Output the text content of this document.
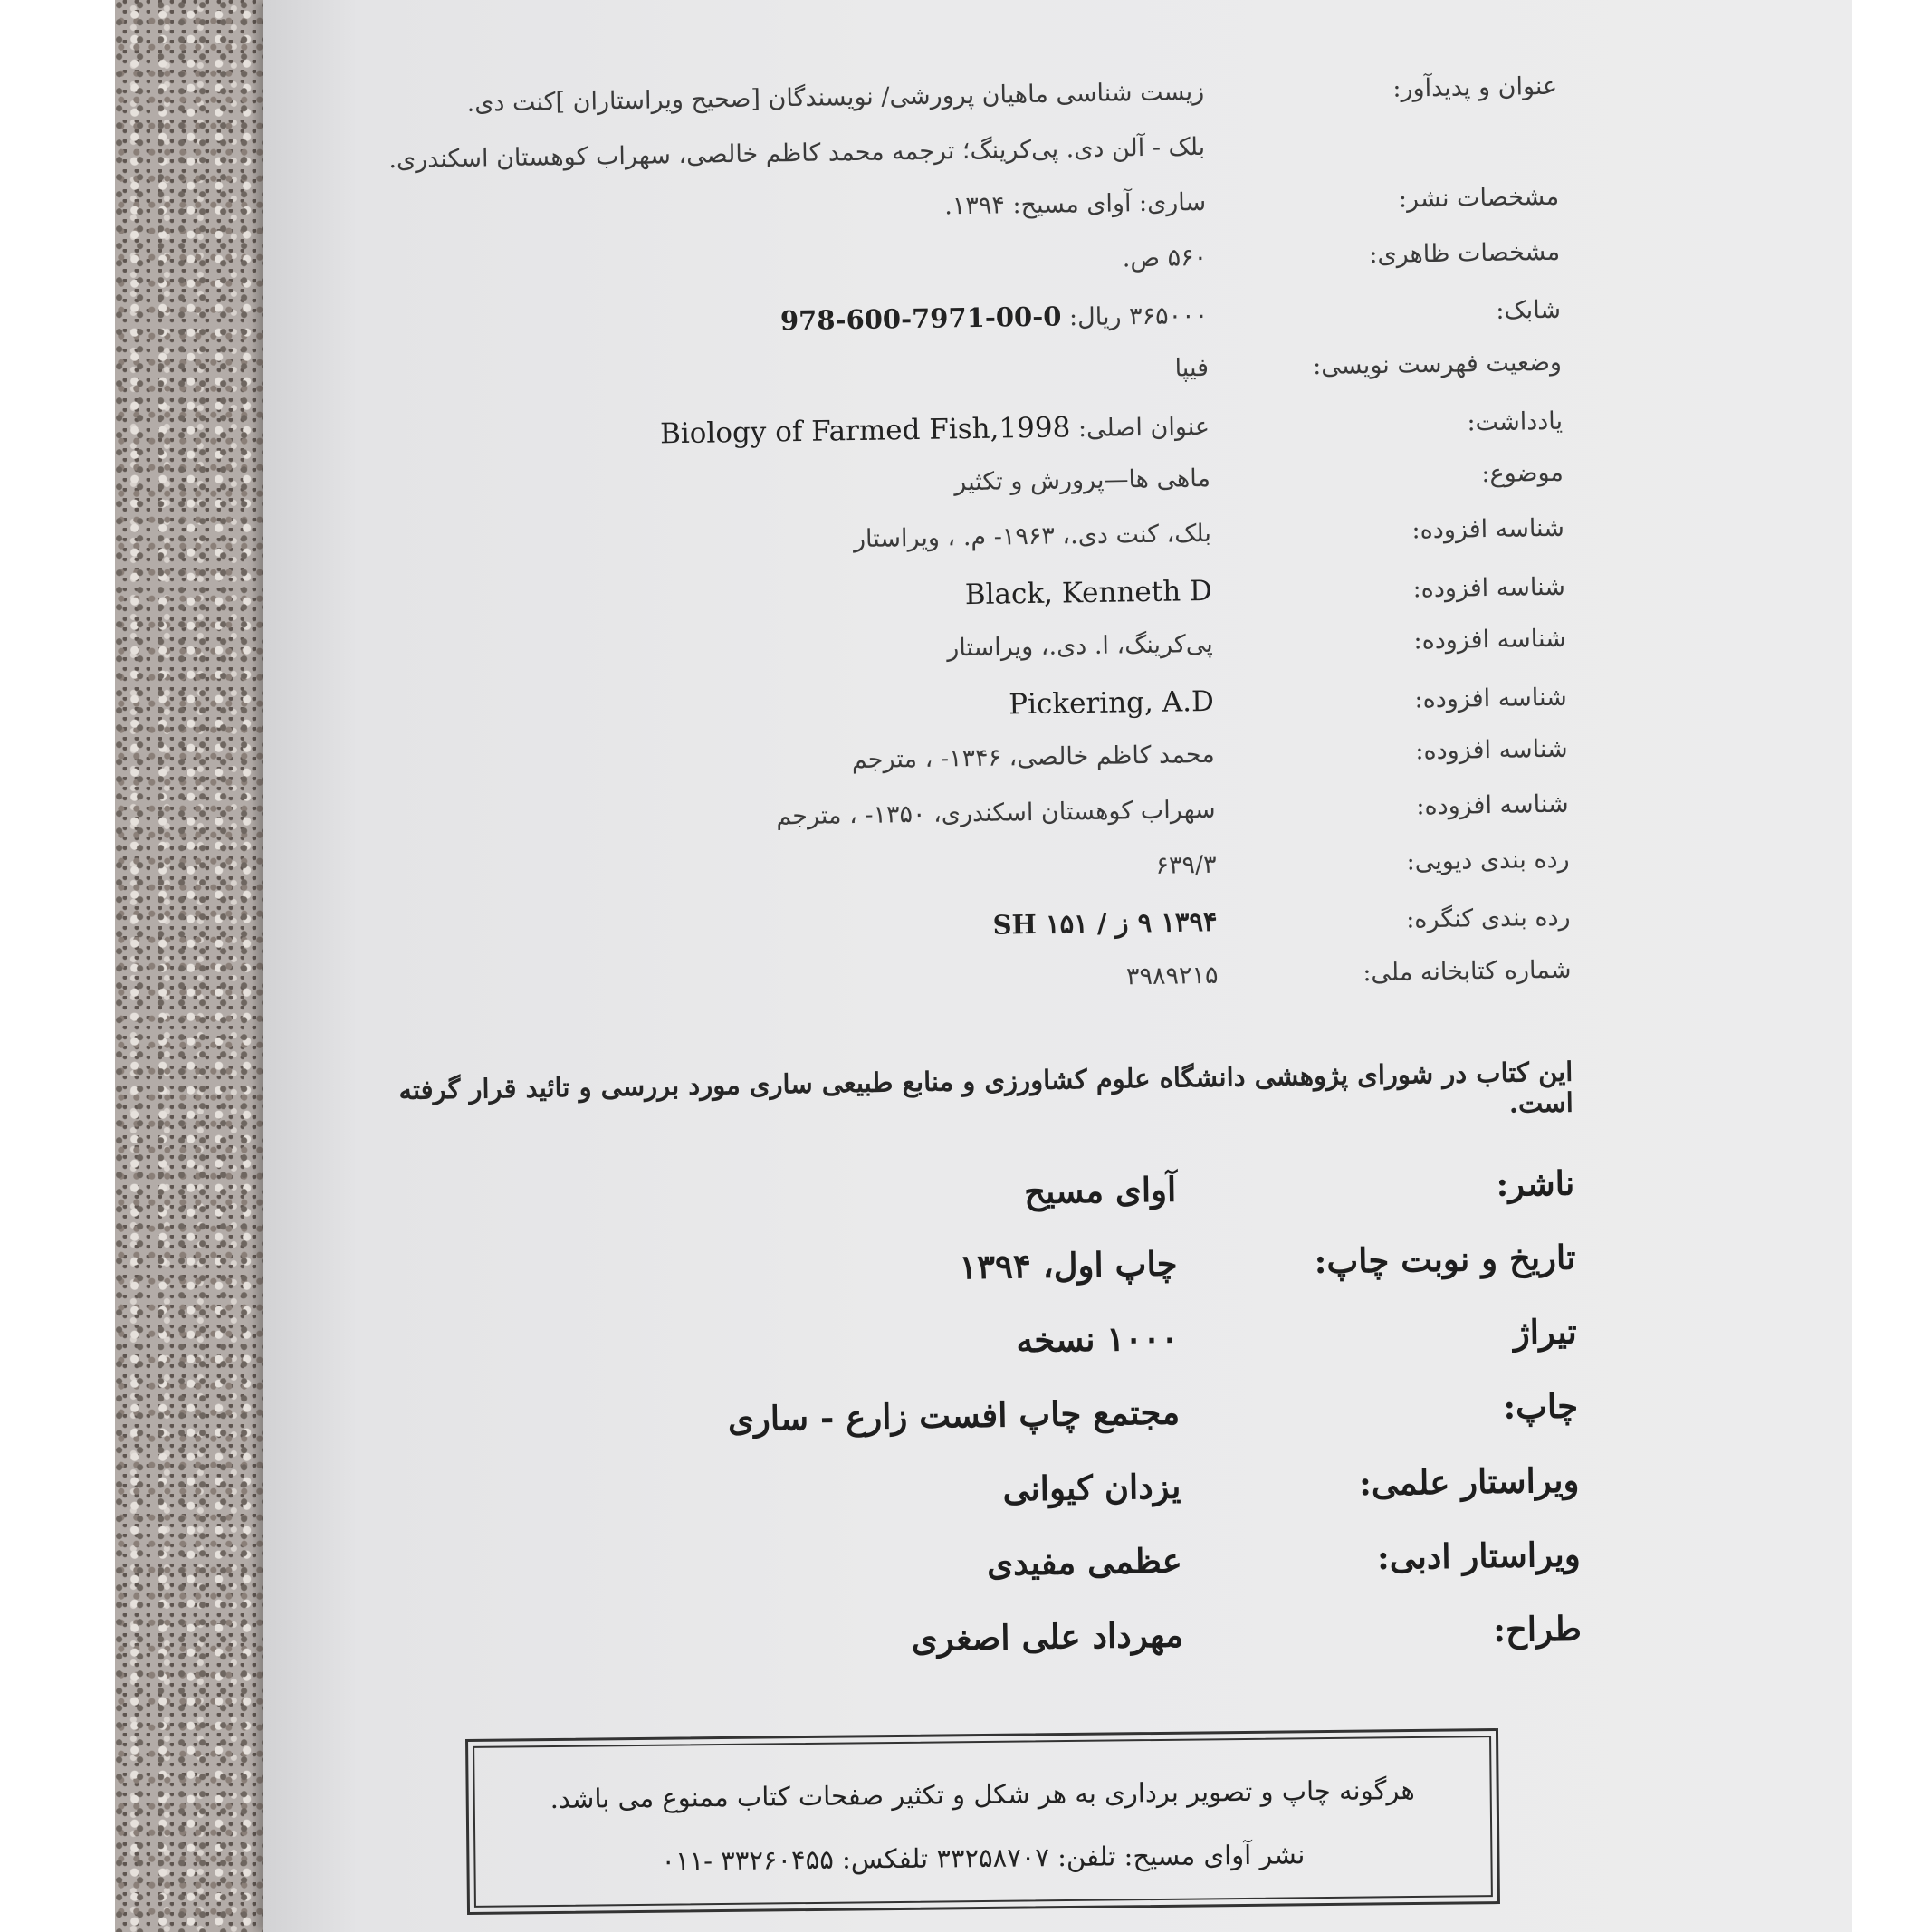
عنوان و پدیدآور:
زیست شناسی ماهیان پرورشی/ نویسندگان [صحیح ویراستاران ]کنت دی.
بلک - آلن دی. پی‌کرینگ؛ ترجمه محمد کاظم خالصی، سهراب کوهستان اسکندری.
مشخصات نشر:
ساری: آوای مسیح: ۱۳۹۴.
مشخصات ظاهری:
۵۶۰ ص.
شابک:
۳۶۵۰۰۰ ریال: 978-600-7971-00-0
وضعیت فهرست نویسی:
فیپا
یادداشت:
عنوان اصلی: Biology of Farmed Fish,1998
موضوع:
ماهی ها—پرورش و تکثیر
شناسه افزوده:
بلک، کنت دی.، ۱۹۶۳- م. ، ویراستار
شناسه افزوده:
Black, Kenneth D
شناسه افزوده:
پی‌کرینگ، ا. دی.، ویراستار
شناسه افزوده:
Pickering, A.D
شناسه افزوده:
محمد کاظم خالصی، ۱۳۴۶- ، مترجم
شناسه افزوده:
سهراب کوهستان اسکندری، ۱۳۵۰- ، مترجم
رده بندی دیویی:
۶۳۹/۳
رده بندی کنگره:
۱۳۹۴ ۹ ز / ۱۵۱ SH
شماره کتابخانه ملی:
۳۹۸۹۲۱۵
این کتاب در شورای پژوهشی دانشگاه علوم کشاورزی و منابع طبیعی ساری مورد بررسی و تائید قرار گرفته است.
ناشر:
آوای مسیح
تاریخ و نوبت چاپ:
چاپ اول، ۱۳۹۴
تیراژ
۱۰۰۰ نسخه
چاپ:
مجتمع چاپ افست زارع - ساری
ویراستار علمی:
یزدان کیوانی
ویراستار ادبی:
عظمی مفیدی
طراح:
مهرداد علی اصغری
هرگونه چاپ و تصویر برداری به هر شکل و تکثیر صفحات کتاب ممنوع می باشد.
نشر آوای مسیح: تلفن: ۳۳۲۵۸۷۰۷ تلفکس: ۳۳۲۶۰۴۵۵ -۰۱۱
